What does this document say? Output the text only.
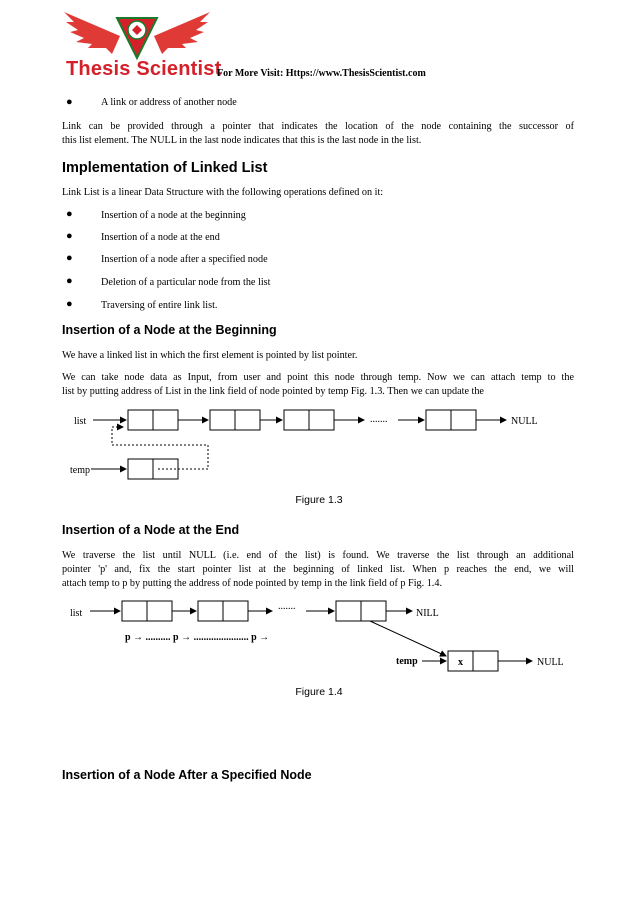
Thesis Scientist
For More Visit: Https://www.ThesisScientist.com
●	A link or address of another node
Link can be provided through a pointer that indicates the location of the node containing the successor of
this list element. The NULL in the last node indicates that this is the last node in the list.
Implementation of Linked List
Link List is a linear Data Structure with the following operations defined on it:
●	Insertion of a node at the beginning
●	Insertion of a node at the end
●	Insertion of a node after a specified node
●	Deletion of a particular node from the list
●	Traversing of entire link list.
Insertion of a Node at the Beginning
We have a linked list in which the first element is pointed by list pointer.
We can take node data as Input, from user and point this node through temp. Now we can attach temp to the
list by putting address of List in the link field of node pointed by temp Fig. 1.3. Then we can update the
list	.......	NULL
temp
Figure 1.3
Insertion of a Node at the End
We traverse the list until NULL (i.e. end of the list) is found. We traverse the list through an additional
pointer 'p' and, fix the start pointer list at the beginning of linked list. When p reaches the end, we will
attach temp to p by putting the address of node pointed by temp in the link field of p Fig. 1.4.
list
.......
NILL
p → .......... p → ...................... p →
temp	x	NULL
Figure 1.4
Insertion of a Node After a Specified Node
